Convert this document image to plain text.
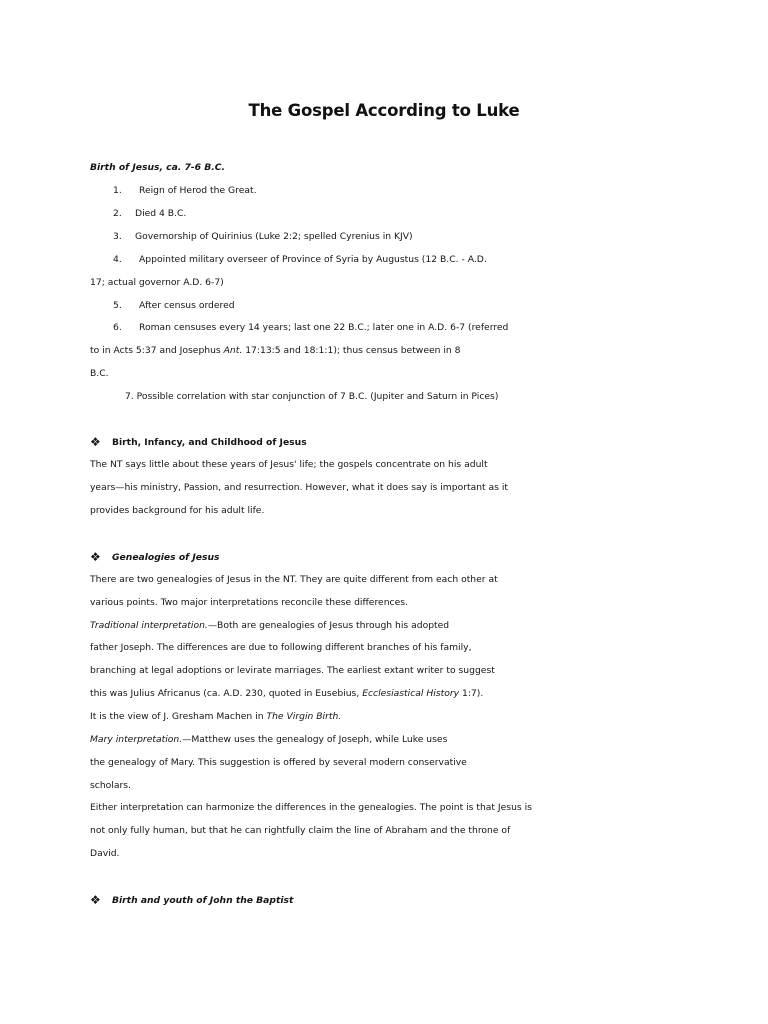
The Gospel According to Luke
Birth of Jesus, ca. 7-6 B.C.
1. Reign of Herod the Great.
2. Died 4 B.C.
3. Governorship of Quirinius (Luke 2:2; spelled Cyrenius in KJV)
4. Appointed military overseer of Province of Syria by Augustus (12 B.C. - A.D.
17; actual governor A.D. 6-7)
5. After census ordered
6. Roman censuses every 14 years; last one 22 B.C.; later one in A.D. 6-7 (referred
to in Acts 5:37 and Josephus Ant. 17:13:5 and 18:1:1); thus census between in 8
B.C.
7. Possible correlation with star conjunction of 7 B.C. (Jupiter and Saturn in Pices)
❖ Birth, Infancy, and Childhood of Jesus
The NT says little about these years of Jesus' life; the gospels concentrate on his adult
years—his ministry, Passion, and resurrection. However, what it does say is important as it
provides background for his adult life.
❖ Genealogies of Jesus
There are two genealogies of Jesus in the NT. They are quite different from each other at
various points. Two major interpretations reconcile these differences.
Traditional interpretation.—Both are genealogies of Jesus through his adopted
father Joseph. The differences are due to following different branches of his family,
branching at legal adoptions or levirate marriages. The earliest extant writer to suggest
this was Julius Africanus (ca. A.D. 230, quoted in Eusebius, Ecclesiastical History 1:7).
It is the view of J. Gresham Machen in The Virgin Birth.
Mary interpretation.—Matthew uses the genealogy of Joseph, while Luke uses
the genealogy of Mary. This suggestion is offered by several modern conservative
scholars.
Either interpretation can harmonize the differences in the genealogies. The point is that Jesus is
not only fully human, but that he can rightfully claim the line of Abraham and the throne of
David.
❖ Birth and youth of John the Baptist
